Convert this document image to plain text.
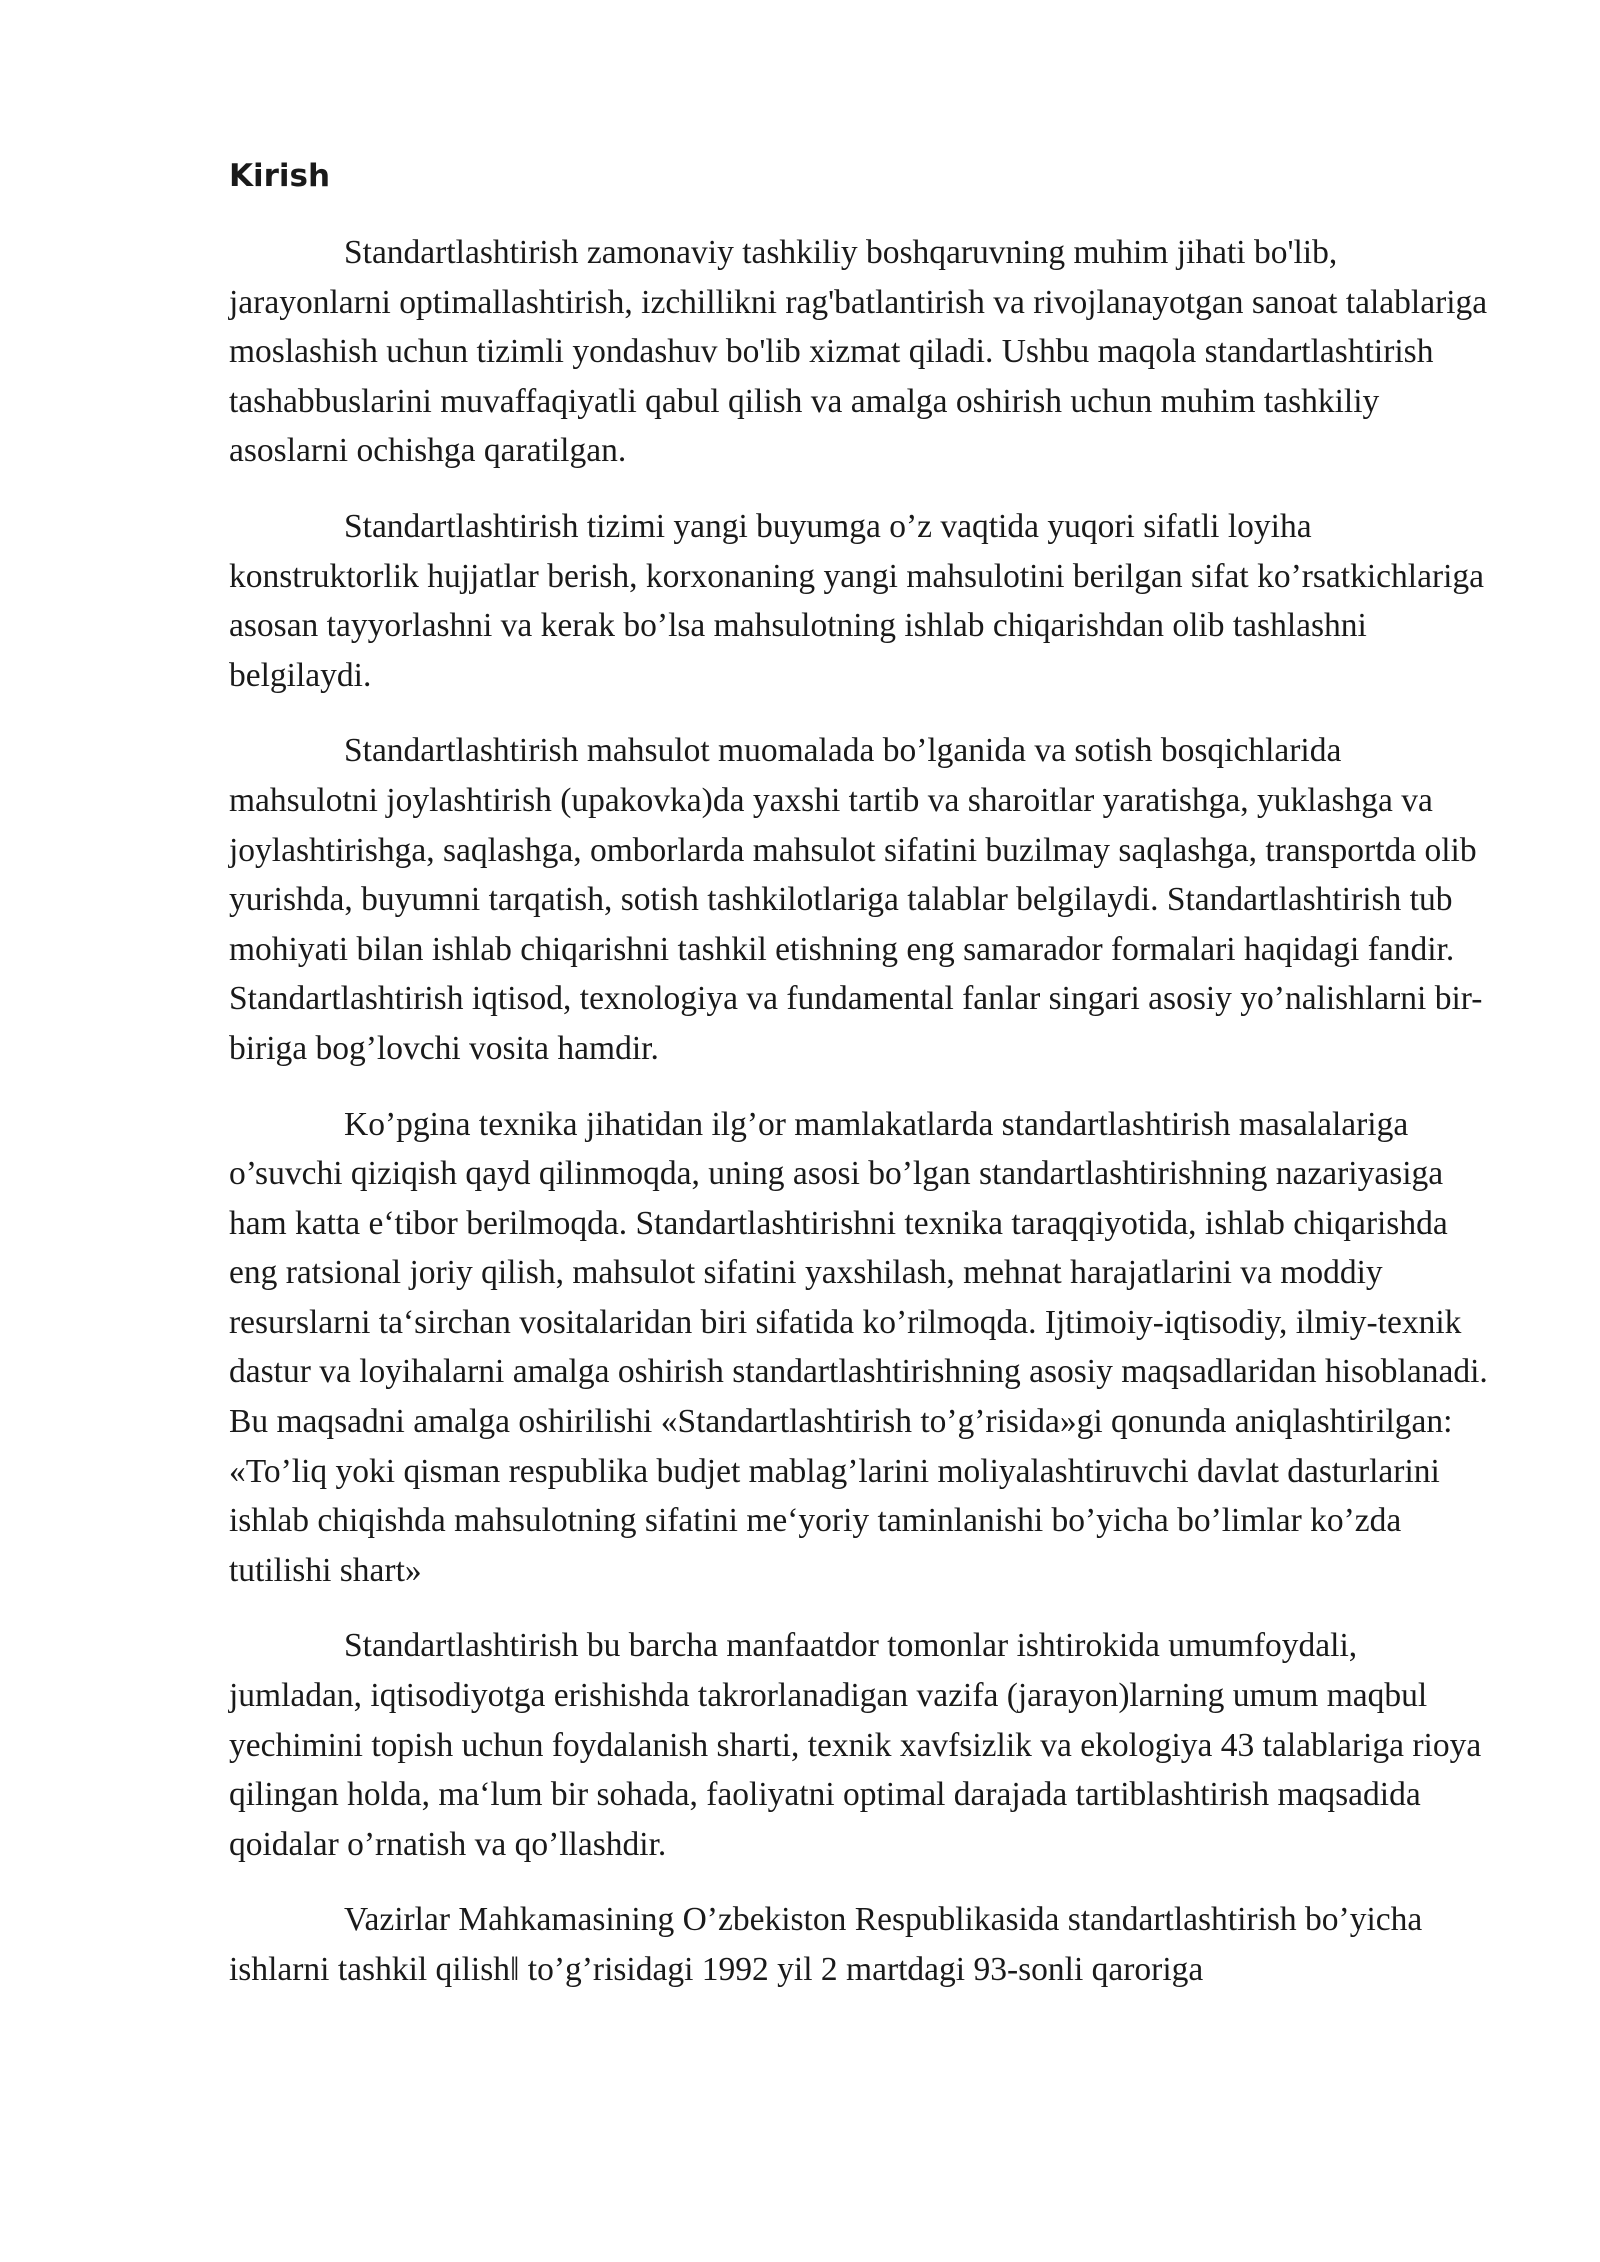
Kirish

Standartlashtirish zamonaviy tashkiliy boshqaruvning muhim jihati bo'lib, jarayonlarni optimallashtirish, izchillikni rag'batlantirish va rivojlanayotgan sanoat talablariga moslashish uchun tizimli yondashuv bo'lib xizmat qiladi. Ushbu maqola standartlashtirish tashabbuslarini muvaffaqiyatli qabul qilish va amalga oshirish uchun muhim tashkiliy asoslarni ochishga qaratilgan.

Standartlashtirish tizimi yangi buyumga o’z vaqtida yuqori sifatli loyiha konstruktorlik hujjatlar berish, korxonaning yangi mahsulotini berilgan sifat ko’rsatkichlariga asosan tayyorlashni va kerak bo’lsa mahsulotning ishlab chiqarishdan olib tashlashni belgilaydi.

Standartlashtirish mahsulot muomalada bo’lganida va sotish bosqichlarida mahsulotni joylashtirish (upakovka)da yaxshi tartib va sharoitlar yaratishga, yuklashga va joylashtirishga, saqlashga, omborlarda mahsulot sifatini buzilmay saqlashga, transportda olib yurishda, buyumni tarqatish, sotish tashkilotlariga talablar belgilaydi. Standartlashtirish tub mohiyati bilan ishlab chiqarishni tashkil etishning eng samarador formalari haqidagi fandir. Standartlashtirish iqtisod, texnologiya va fundamental fanlar singari asosiy yo’nalishlarni bir-biriga bog’lovchi vosita hamdir.

Ko’pgina texnika jihatidan ilg’or mamlakatlarda standartlashtirish masalalariga o’suvchi qiziqish qayd qilinmoqda, uning asosi bo’lgan standartlashtirishning nazariyasiga ham katta e‘tibor berilmoqda. Standartlashtirishni texnika taraqqiyotida, ishlab chiqarishda eng ratsional joriy qilish, mahsulot sifatini yaxshilash, mehnat harajatlarini va moddiy resurslarni ta‘sirchan vositalaridan biri sifatida ko’rilmoqda. Ijtimoiy-iqtisodiy, ilmiy-texnik dastur va loyihalarni amalga oshirish standartlashtirishning asosiy maqsadlaridan hisoblanadi. Bu maqsadni amalga oshirilishi «Standartlashtirish to’g’risida»gi qonunda aniqlashtirilgan: «To’liq yoki qisman respublika budjet mablag’larini moliyalashtiruvchi davlat dasturlarini ishlab chiqishda mahsulotning sifatini me‘yoriy taminlanishi bo’yicha bo’limlar ko’zda tutilishi shart»

Standartlashtirish bu barcha manfaatdor tomonlar ishtirokida umumfoydali, jumladan, iqtisodiyotga erishishda takrorlanadigan vazifa (jarayon)larning umum maqbul yechimini topish uchun foydalanish sharti, texnik xavfsizlik va ekologiya 43 talablariga rioya qilingan holda, ma‘lum bir sohada, faoliyatni optimal darajada tartiblashtirish maqsadida qoidalar o’rnatish va qo’llashdir.

Vazirlar Mahkamasining O’zbekiston Respublikasida standartlashtirish bo’yicha ishlarni tashkil qilish‖ to’g’risidagi 1992 yil 2 martdagi 93-sonli qaroriga
